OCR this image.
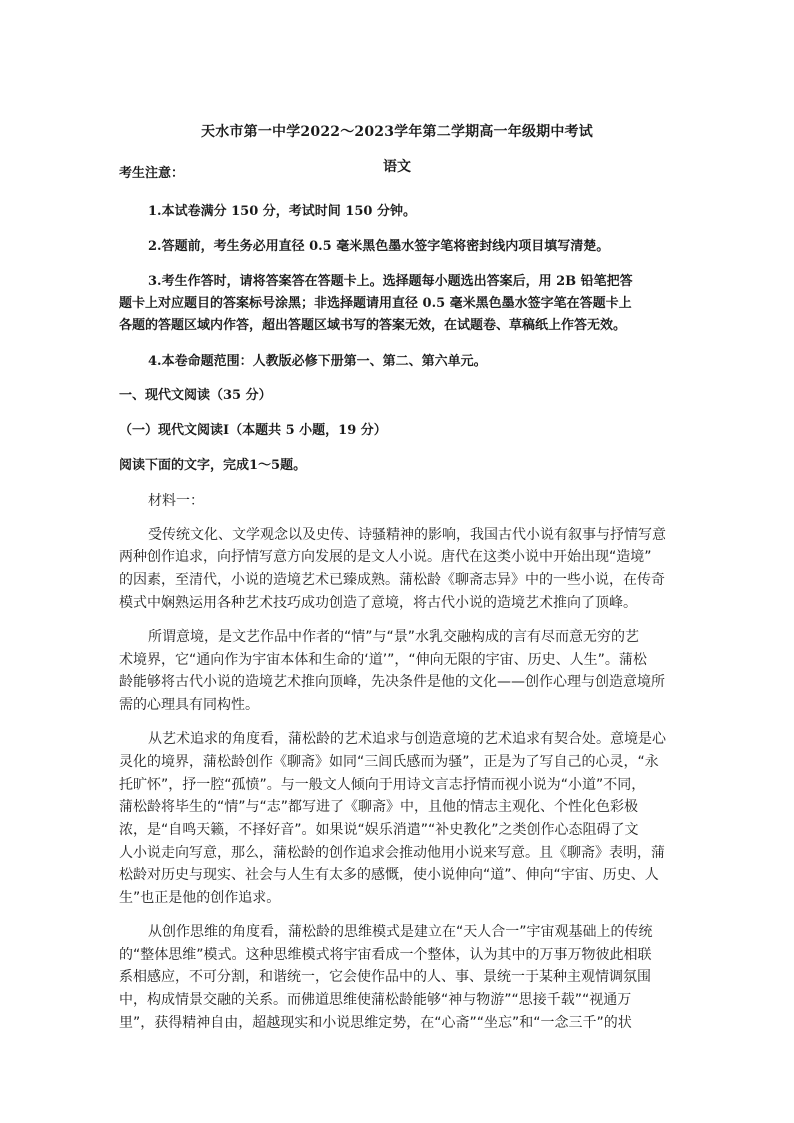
天水市第一中学2022～2023学年第二学期高一年级期中考试
语文
考生注意：
1.本试卷满分 150 分，考试时间 150 分钟。
2.答题前，考生务必用直径 0.5 毫米黑色墨水签字笔将密封线内项目填写清楚。
3.考生作答时，请将答案答在答题卡上。选择题每小题选出答案后，用 2B 铅笔把答
题卡上对应题目的答案标号涂黑；非选择题请用直径 0.5 毫米黑色墨水签字笔在答题卡上
各题的答题区域内作答，超出答题区域书写的答案无效，在试题卷、草稿纸上作答无效。
4.本卷命题范围：人教版必修下册第一、第二、第六单元。
一、现代文阅读（35 分）
（一）现代文阅读Ⅰ（本题共 5 小题，19 分）
阅读下面的文字，完成1～5题。
材料一：
受传统文化、文学观念以及史传、诗骚精神的影响，我国古代小说有叙事与抒情写意
两种创作追求，向抒情写意方向发展的是文人小说。唐代在这类小说中开始出现“造境”
的因素，至清代，小说的造境艺术已臻成熟。蒲松龄《聊斋志异》中的一些小说，在传奇
模式中娴熟运用各种艺术技巧成功创造了意境，将古代小说的造境艺术推向了顶峰。
所谓意境，是文艺作品中作者的“情”与“景”水乳交融构成的言有尽而意无穷的艺
术境界，它“通向作为宇宙本体和生命的‘道’”，“伸向无限的宇宙、历史、人生”。蒲松
龄能够将古代小说的造境艺术推向顶峰，先决条件是他的文化——创作心理与创造意境所
需的心理具有同构性。
从艺术追求的角度看，蒲松龄的艺术追求与创造意境的艺术追求有契合处。意境是心
灵化的境界，蒲松龄创作《聊斋》如同“三闾氏感而为骚”，正是为了写自己的心灵，“永
托旷怀”，抒一腔“孤愤”。与一般文人倾向于用诗文言志抒情而视小说为“小道”不同，
蒲松龄将毕生的“情”与“志”都写进了《聊斋》中，且他的情志主观化、个性化色彩极
浓，是“自鸣天籁，不择好音”。如果说“娱乐消遣”“补史教化”之类创作心态阻碍了文
人小说走向写意，那么，蒲松龄的创作追求会推动他用小说来写意。且《聊斋》表明，蒲
松龄对历史与现实、社会与人生有太多的感慨，使小说伸向“道”、伸向“宇宙、历史、人
生”也正是他的创作追求。
从创作思维的角度看，蒲松龄的思维模式是建立在“天人合一”宇宙观基础上的传统
的“整体思维”模式。这种思维模式将宇宙看成一个整体，认为其中的万事万物彼此相联
系相感应，不可分割，和谐统一，它会使作品中的人、事、景统一于某种主观情调氛围
中，构成情景交融的关系。而佛道思维使蒲松龄能够“神与物游”“思接千载”“视通万
里”，获得精神自由，超越现实和小说思维定势，在“心斋”“坐忘”和“一念三千”的状
